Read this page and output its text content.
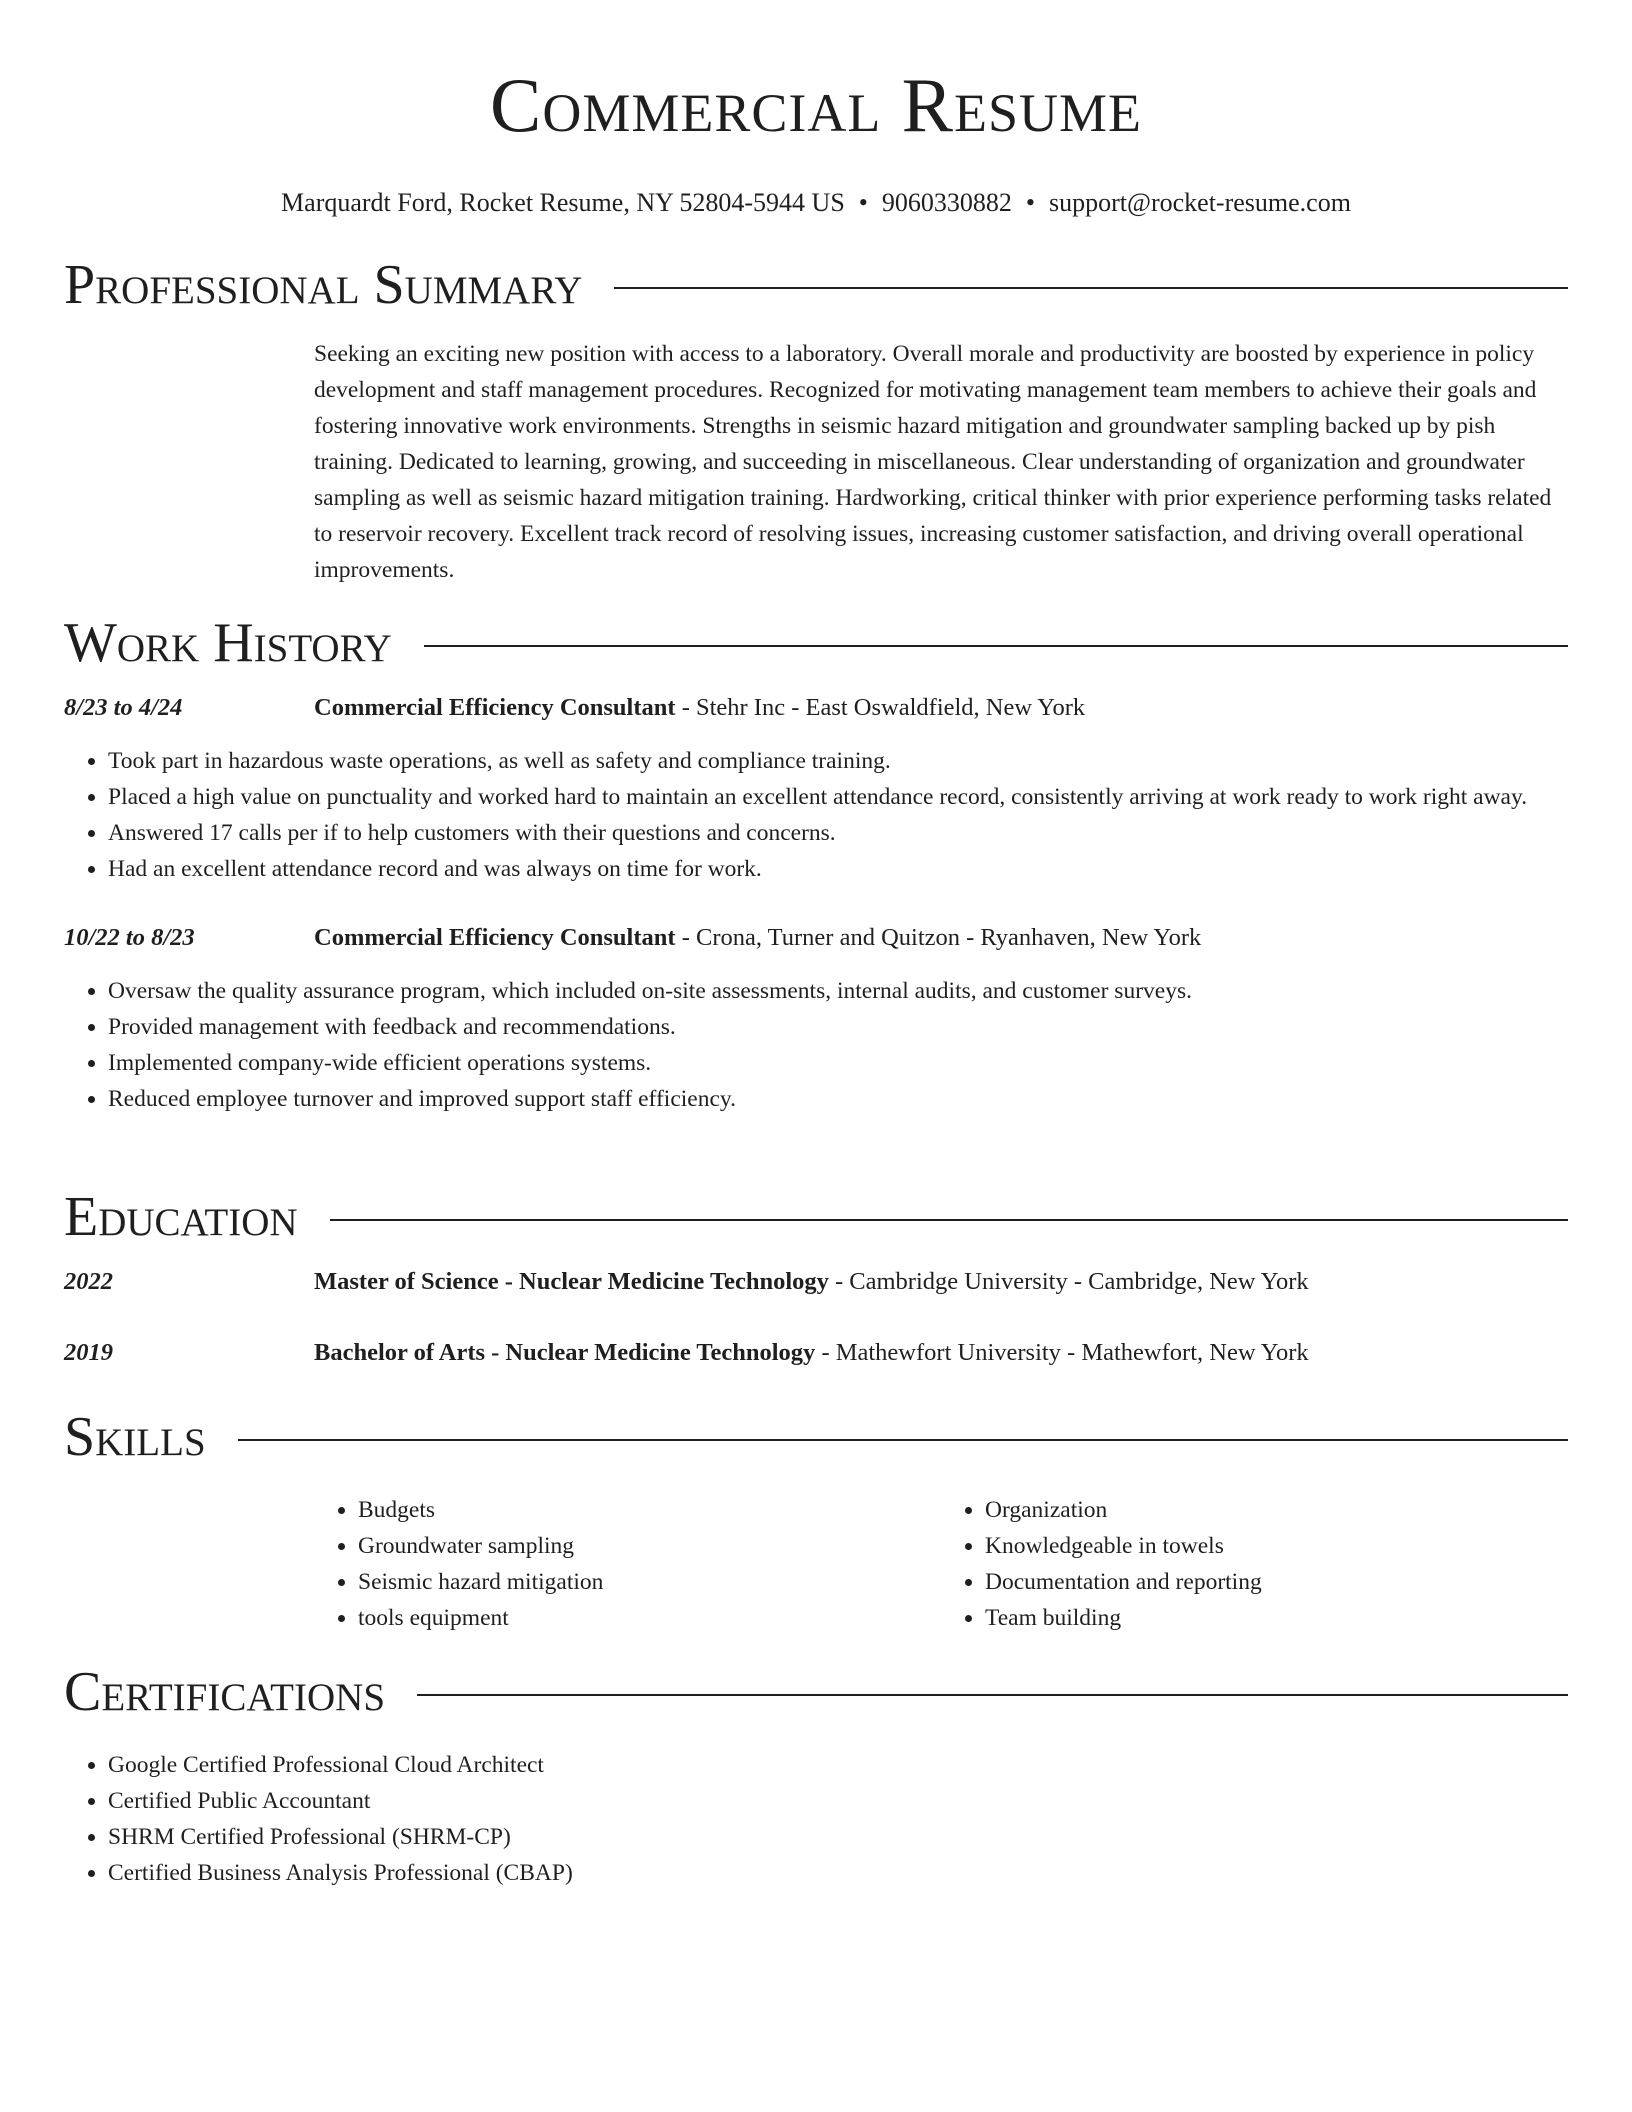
Commercial Resume
Marquardt Ford, Rocket Resume, NY 52804-5944 US • 9060330882 • support@rocket-resume.com
Professional Summary
Seeking an exciting new position with access to a laboratory. Overall morale and productivity are boosted by experience in policy development and staff management procedures. Recognized for motivating management team members to achieve their goals and fostering innovative work environments. Strengths in seismic hazard mitigation and groundwater sampling backed up by pish training. Dedicated to learning, growing, and succeeding in miscellaneous. Clear understanding of organization and groundwater sampling as well as seismic hazard mitigation training. Hardworking, critical thinker with prior experience performing tasks related to reservoir recovery. Excellent track record of resolving issues, increasing customer satisfaction, and driving overall operational improvements.
Work History
8/23 to 4/24	Commercial Efficiency Consultant - Stehr Inc - East Oswaldfield, New York
• Took part in hazardous waste operations, as well as safety and compliance training.
• Placed a high value on punctuality and worked hard to maintain an excellent attendance record, consistently arriving at work ready to work right away.
• Answered 17 calls per if to help customers with their questions and concerns.
• Had an excellent attendance record and was always on time for work.
10/22 to 8/23	Commercial Efficiency Consultant - Crona, Turner and Quitzon - Ryanhaven, New York
• Oversaw the quality assurance program, which included on-site assessments, internal audits, and customer surveys.
• Provided management with feedback and recommendations.
• Implemented company-wide efficient operations systems.
• Reduced employee turnover and improved support staff efficiency.
Education
2022	Master of Science - Nuclear Medicine Technology - Cambridge University - Cambridge, New York
2019	Bachelor of Arts - Nuclear Medicine Technology - Mathewfort University - Mathewfort, New York
Skills
• Budgets
• Groundwater sampling
• Seismic hazard mitigation
• tools equipment
• Organization
• Knowledgeable in towels
• Documentation and reporting
• Team building
Certifications
• Google Certified Professional Cloud Architect
• Certified Public Accountant
• SHRM Certified Professional (SHRM-CP)
• Certified Business Analysis Professional (CBAP)
